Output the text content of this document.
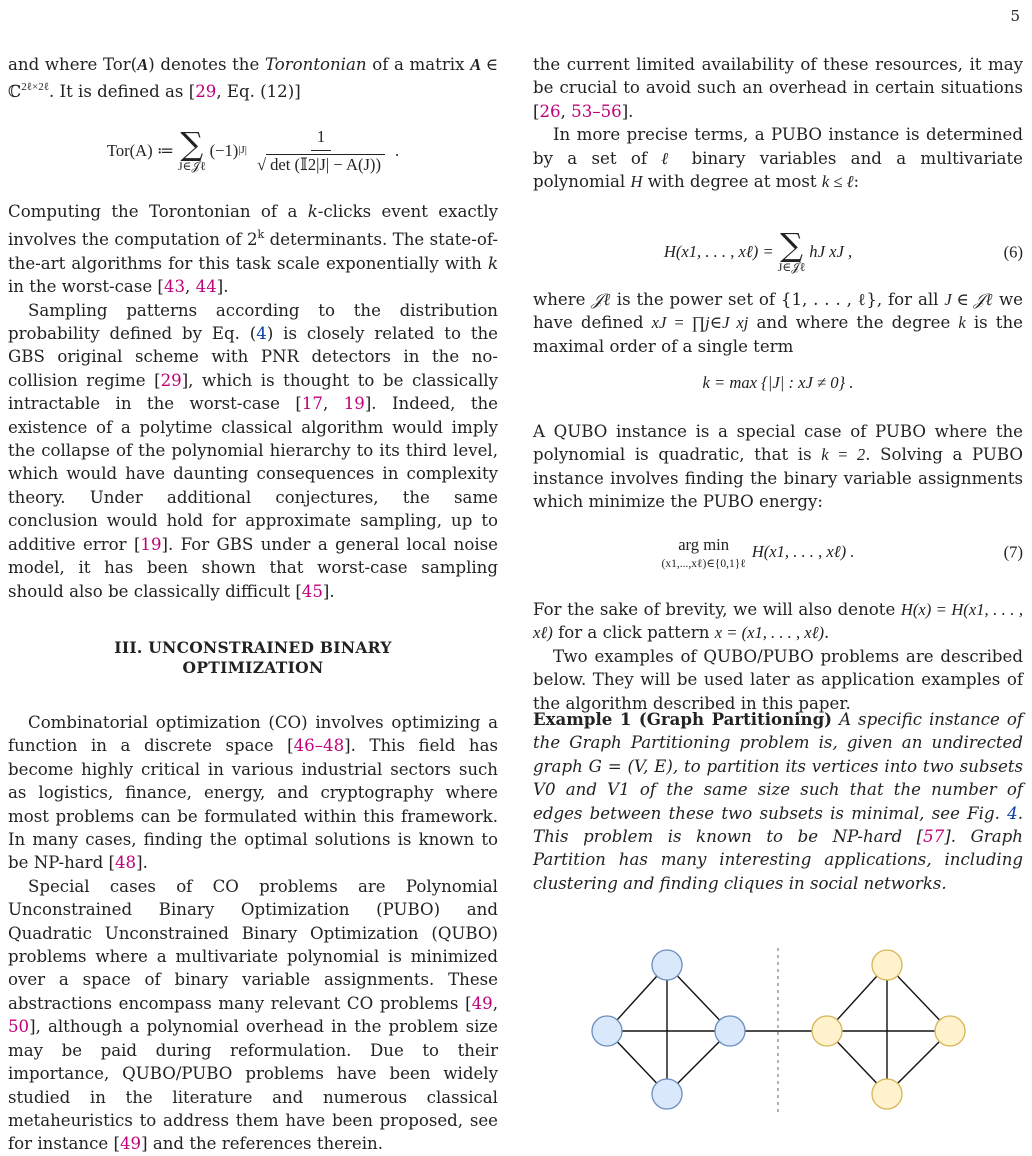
5

and where Tor(A) denotes the Torontonian of a matrix A ∈ ℂ$^{2\ell\times 2\ell}$. It is defined as [29, Eq. (12)]

Tor(A) ≔ ∑
J∈𝒥ℓ
(−1) $|J| \frac{1}{\text{√ det (𝕀2|J| − A(J))}}$ .

Computing the Torontonian of a k-clicks event exactly involves the computation of 2$^k$ determinants. The state-of-the-art algorithms for this task scale exponentially with k in the worst-case [43, 44].

Sampling patterns according to the distribution probability defined by Eq. (4) is closely related to the GBS original scheme with PNR detectors in the no-collision regime [29], which is thought to be classically intractable in the worst-case [17, 19]. Indeed, the existence of a polytime classical algorithm would imply the collapse of the polynomial hierarchy to its third level, which would have daunting consequences in complexity theory. Under additional conjectures, the same conclusion would hold for approximate sampling, up to additive error [19]. For GBS under a general local noise model, it has been shown that worst-case sampling should also be classically difficult [45].

III. UNCONSTRAINED BINARY
OPTIMIZATION

Combinatorial optimization (CO) involves optimizing a function in a discrete space [46–48]. This field has become highly critical in various industrial sectors such as logistics, finance, energy, and cryptography where most problems can be formulated within this framework. In many cases, finding the optimal solutions is known to be NP-hard [48].

Special cases of CO problems are Polynomial Unconstrained Binary Optimization (PUBO) and Quadratic Unconstrained Binary Optimization (QUBO) problems where a multivariate polynomial is minimized over a space of binary variable assignments. These abstractions encompass many relevant CO problems [49, 50], although a polynomial overhead in the problem size may be paid during reformulation. Due to their importance, QUBO/PUBO problems have been widely studied in the literature and numerous classical metaheuristics to address them have been proposed, see for instance [49] and the references therein.

the current limited availability of these resources, it may be crucial to avoid such an overhead in certain situations [26, 53–56].

In more precise terms, a PUBO instance is determined by a set of ℓ binary variables and a multivariate polynomial H with degree at most k ≤ ℓ:

H(x1, . . . , xℓ) = ∑
J∈𝒥ℓ
hJ xJ ,	(6)

where 𝒥ℓ is the power set of {1, . . . , ℓ}, for all J ∈ 𝒥ℓ we have defined xJ = ∏j∈J xj and where the degree k is the maximal order of a single term

k = max {|J| : xJ ≠ 0} .

A QUBO instance is a special case of PUBO where the polynomial is quadratic, that is k = 2. Solving a PUBO instance involves finding the binary variable assignments which minimize the PUBO energy:

arg min
(x1,...,xℓ)∈{0,1}ℓ
H(x1, . . . , xℓ) .	(7)

For the sake of brevity, we will also denote H(x) = H(x1, . . . , xℓ) for a click pattern x = (x1, . . . , xℓ).

Two examples of QUBO/PUBO problems are described below. They will be used later as application examples of the algorithm described in this paper.

Example 1 (Graph Partitioning) A specific instance of the Graph Partitioning problem is, given an undirected graph G = (V, E), to partition its vertices into two subsets V0 and V1 of the same size such that the number of edges between these two subsets is minimal, see Fig. 4. This problem is known to be NP-hard [57]. Graph Partition has many interesting applications, including clustering and finding cliques in social networks.
